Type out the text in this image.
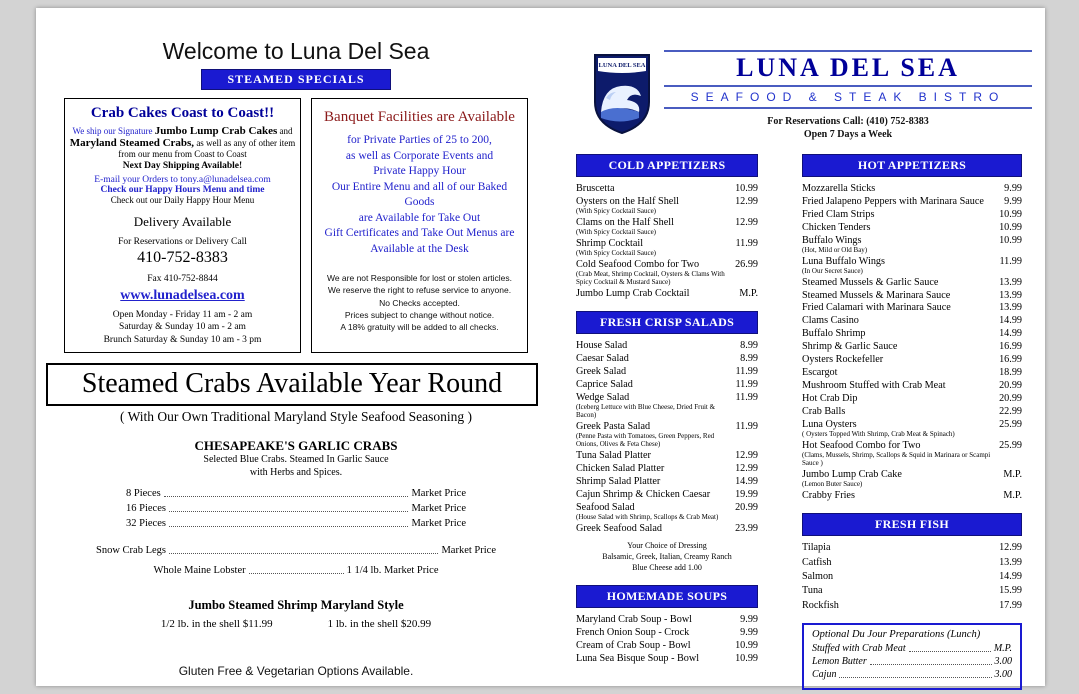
Welcome to Luna Del Sea
STEAMED SPECIALS
Crab Cakes Coast to Coast!!
We ship our Signature Jumbo Lump Crab Cakes and
Maryland Steamed Crabs, as well as any of other item
from our menu from Coast to Coast
Next Day Shipping Available!
E-mail your Orders to tony.a@lunadelsea.com
Check our Happy Hours Menu and time
Check out our Daily Happy Hour Menu
Delivery Available
For Reservations or Delivery Call
410-752-8383
Fax 410-752-8844
www.lunadelsea.com
Open Monday - Friday 11 am - 2 am
Saturday & Sunday 10 am - 2 am
Brunch Saturday & Sunday 10 am - 3 pm
Banquet Facilities are Available
for Private Parties of 25 to 200,
as well as Corporate Events and
Private Happy Hour
Our Entire Menu and all of our Baked Goods
are Available for Take Out
Gift Certificates and Take Out Menus are
Available at the Desk
We are not Responsible for lost or stolen articles.
We reserve the right to refuse service to anyone.
No Checks accepted.
Prices subject to change without notice.
A 18% gratuity will be added to all checks.
Steamed Crabs Available Year Round
( With Our Own Traditional Maryland Style Seafood Seasoning )
CHESAPEAKE'S GARLIC CRABS
Selected Blue Crabs. Steamed In Garlic Sauce
with Herbs and Spices.
8 Pieces	Market Price
16 Pieces	Market Price
32 Pieces	Market Price
Snow Crab Legs	Market Price
Whole Maine Lobster	1 1/4 lb. Market Price
Jumbo Steamed Shrimp Maryland Style
1/2 lb. in the shell $11.99	1 lb. in the shell $20.99
Gluten Free & Vegetarian Options Available.
LUNA DEL SEA	LUNA DEL SEA
SEAFOOD & STEAK BISTRO
For Reservations Call: (410) 752-8383
Open 7 Days a Week
COLD APPETIZERS
Bruscetta	10.99
Oysters on the Half Shell
(With Spicy Cocktail Sauce)
12.99
Clams on the Half Shell
(With Spicy Cocktail Sauce)
12.99
Shrimp Cocktail
(With Spicy Cocktail Sauce)
11.99
Cold Seafood Combo for Two
(Crab Meat, Shrimp Cocktail, Oysters & Clams With Spicy Cocktail & Mustard Sauce)
26.99
Jumbo Lump Crab Cocktail	M.P.
FRESH CRISP SALADS
House Salad	8.99
Caesar Salad	8.99
Greek Salad	11.99
Caprice Salad	11.99
Wedge Salad
(Iceberg Lettuce with Blue Cheese, Dried Fruit & Bacon)
11.99
Greek Pasta Salad
(Penne Pasta with Tomatoes, Green Peppers, Red Onions, Olives & Feta Chese)
11.99
Tuna Salad Platter	12.99
Chicken Salad Platter	12.99
Shrimp Salad Platter	14.99
Cajun Shrimp & Chicken Caesar	19.99
Seafood Salad
(House Salad with Shrimp, Scallops & Crab Meat)
20.99
Greek Seafood Salad	23.99
Your Choice of Dressing
Balsamic, Greek, Italian, Creamy Ranch
Blue Cheese add 1.00
HOMEMADE SOUPS
Maryland Crab Soup - Bowl	9.99
French Onion Soup - Crock	9.99
Cream of Crab Soup - Bowl	10.99
Luna Sea Bisque Soup - Bowl	10.99
HOT APPETIZERS
Mozzarella Sticks	9.99
Fried Jalapeno Peppers with Marinara Sauce	9.99
Fried Clam Strips	10.99
Chicken Tenders	10.99
Buffalo Wings
(Hot, Mild or Old Bay)
10.99
Luna Buffalo Wings
(In Our Secret Sauce)
11.99
Steamed Mussels & Garlic Sauce	13.99
Steamed Mussels & Marinara Sauce	13.99
Fried Calamari with Marinara Sauce	13.99
Clams Casino	14.99
Buffalo Shrimp	14.99
Shrimp & Garlic Sauce	16.99
Oysters Rockefeller	16.99
Escargot	18.99
Mushroom Stuffed with Crab Meat	20.99
Hot Crab Dip	20.99
Crab Balls	22.99
Luna Oysters
( Oysters Topped With Shrimp, Crab Meat & Spinach)
25.99
Hot Seafood Combo for Two
(Clams, Mussels, Shrimp, Scallops & Squid in Marinara or Scampi Sauce )
25.99
Jumbo Lump Crab Cake
(Lemon Buter Sauce)
M.P.
Crabby Fries	M.P.
FRESH FISH
Tilapia	12.99
Catfish	13.99
Salmon	14.99
Tuna	15.99
Rockfish	17.99
Optional Du Jour Preparations (Lunch)
Stuffed with Crab Meat	M.P.
Lemon Butter	3.00
Cajun	3.00
